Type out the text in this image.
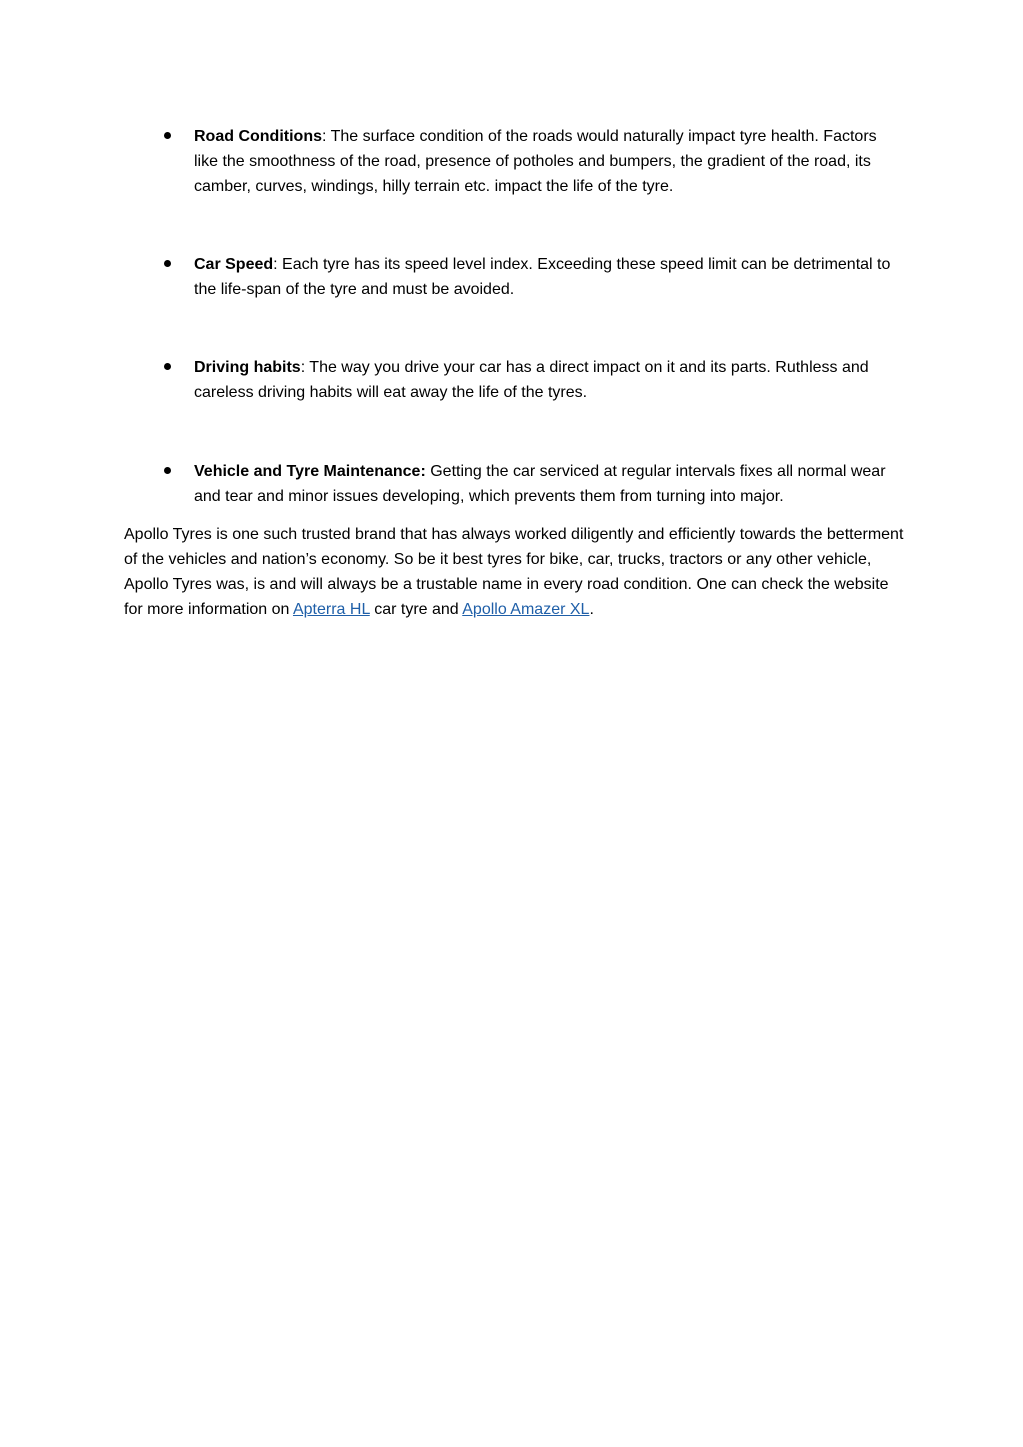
Road Conditions: The surface condition of the roads would naturally impact tyre health. Factors like the smoothness of the road, presence of potholes and bumpers, the gradient of the road, its camber, curves, windings, hilly terrain etc. impact the life of the tyre.
Car Speed: Each tyre has its speed level index. Exceeding these speed limit can be detrimental to the life-span of the tyre and must be avoided.
Driving habits: The way you drive your car has a direct impact on it and its parts. Ruthless and careless driving habits will eat away the life of the tyres.
Vehicle and Tyre Maintenance: Getting the car serviced at regular intervals fixes all normal wear and tear and minor issues developing, which prevents them from turning into major.
Apollo Tyres is one such trusted brand that has always worked diligently and efficiently towards the betterment of the vehicles and nation’s economy. So be it best tyres for bike, car, trucks, tractors or any other vehicle, Apollo Tyres was, is and will always be a trustable name in every road condition. One can check the website for more information on Apterra HL car tyre and Apollo Amazer XL.
